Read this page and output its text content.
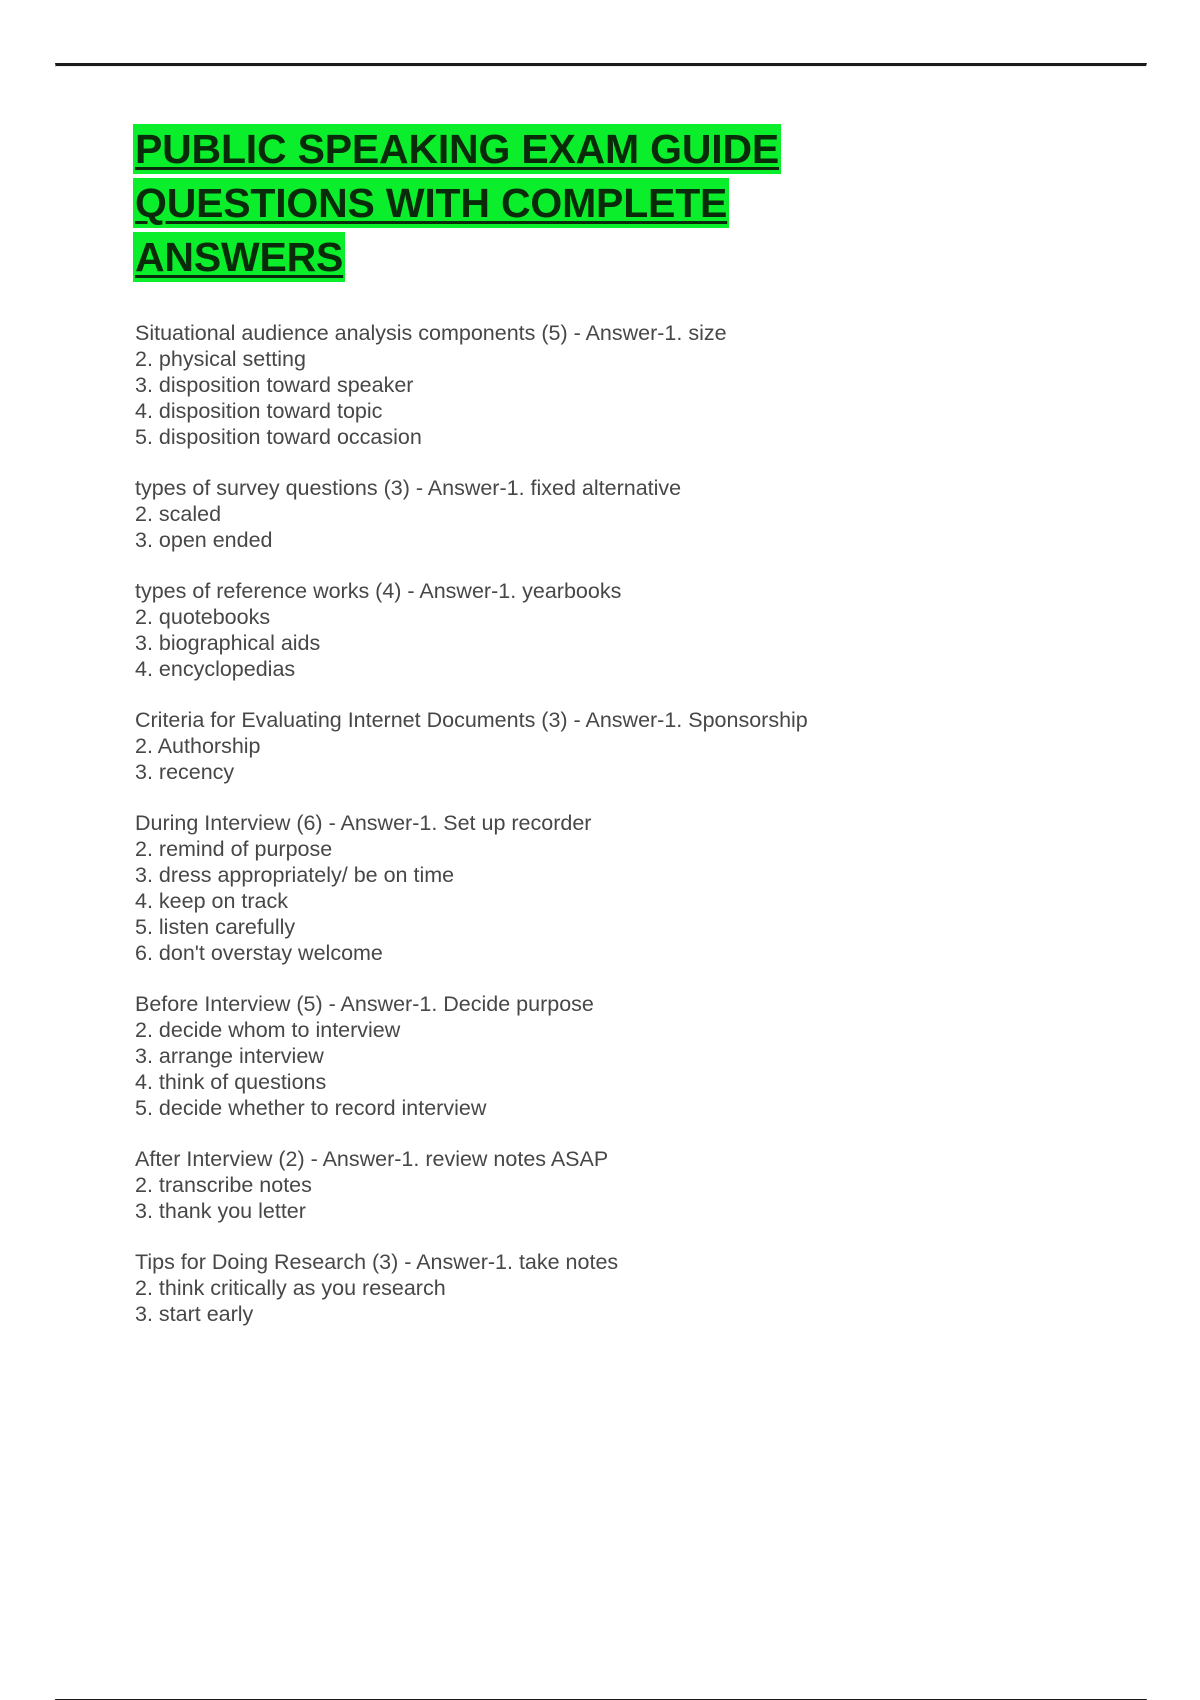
PUBLIC SPEAKING EXAM GUIDE
QUESTIONS WITH COMPLETE
ANSWERS
Situational audience analysis components (5) - Answer-1. size
2. physical setting
3. disposition toward speaker
4. disposition toward topic
5. disposition toward occasion
types of survey questions (3) - Answer-1. fixed alternative
2. scaled
3. open ended
types of reference works (4) - Answer-1. yearbooks
2. quotebooks
3. biographical aids
4. encyclopedias
Criteria for Evaluating Internet Documents (3) - Answer-1. Sponsorship
2. Authorship
3. recency
During Interview (6) - Answer-1. Set up recorder
2. remind of purpose
3. dress appropriately/ be on time
4. keep on track
5. listen carefully
6. don't overstay welcome
Before Interview (5) - Answer-1. Decide purpose
2. decide whom to interview
3. arrange interview
4. think of questions
5. decide whether to record interview
After Interview (2) - Answer-1. review notes ASAP
2. transcribe notes
3. thank you letter
Tips for Doing Research (3) - Answer-1. take notes
2. think critically as you research
3. start early
